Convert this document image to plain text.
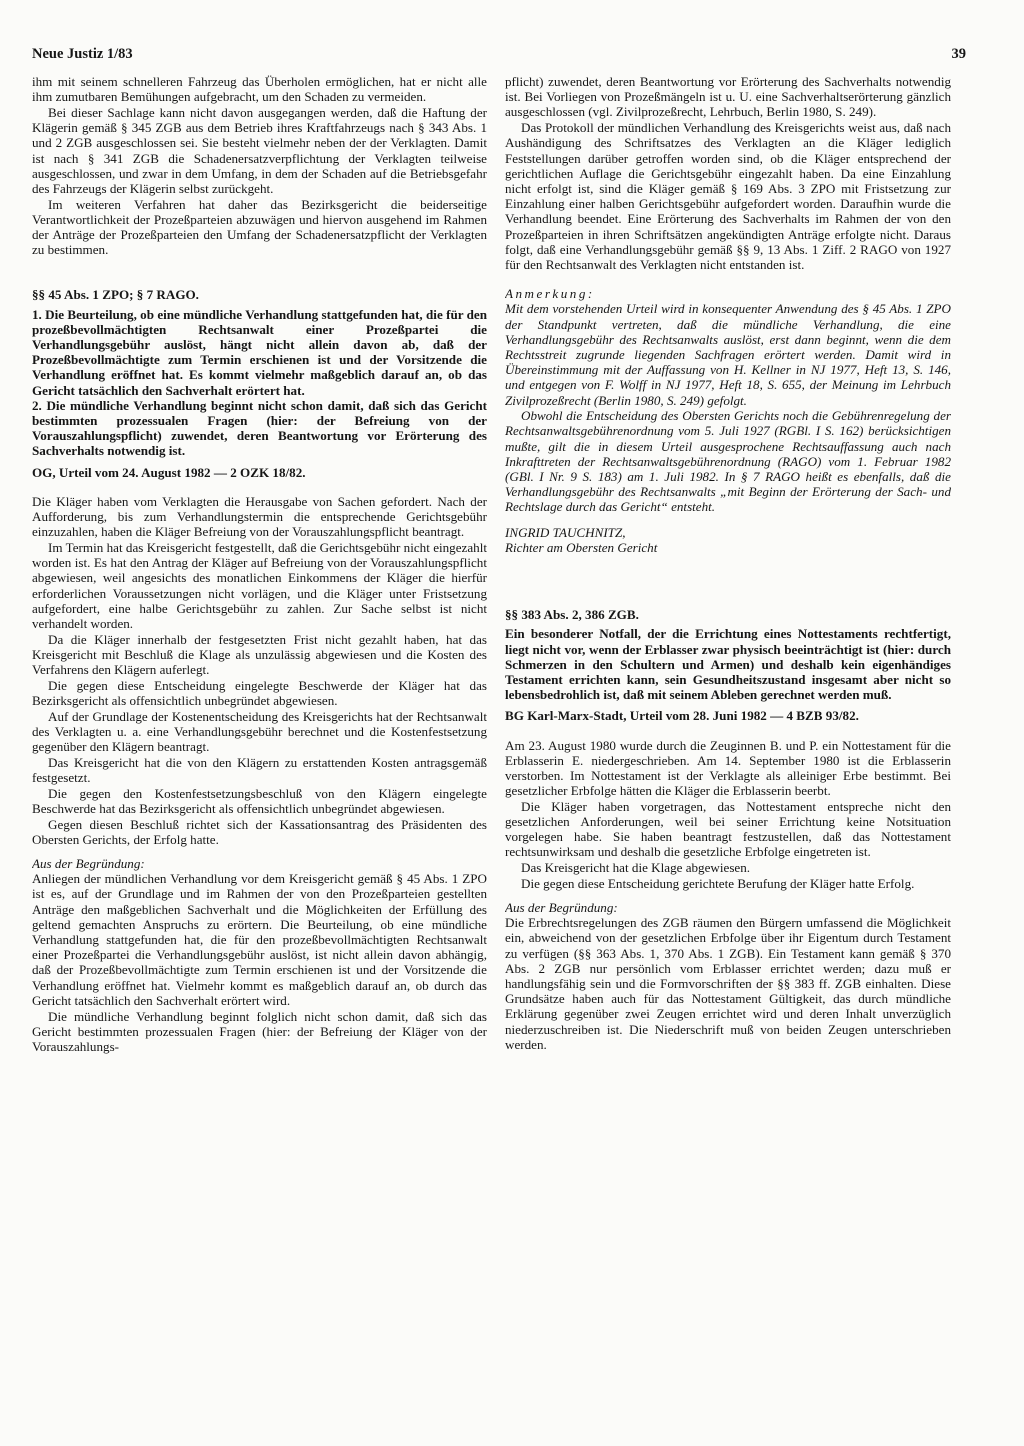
Neue Justiz 1/83	39

ihm mit seinem schnelleren Fahrzeug das Überholen ermöglichen, hat er nicht alle ihm zumutbaren Bemühungen aufgebracht, um den Schaden zu vermeiden.

Bei dieser Sachlage kann nicht davon ausgegangen werden, daß die Haftung der Klägerin gemäß § 345 ZGB aus dem Betrieb ihres Kraftfahrzeugs nach § 343 Abs. 1 und 2 ZGB ausgeschlossen sei. Sie besteht vielmehr neben der der Verklagten. Damit ist nach § 341 ZGB die Schadenersatzverpflichtung der Verklagten teilweise ausgeschlossen, und zwar in dem Umfang, in dem der Schaden auf die Betriebsgefahr des Fahrzeugs der Klägerin selbst zurückgeht.

Im weiteren Verfahren hat daher das Bezirksgericht die beiderseitige Verantwortlichkeit der Prozeßparteien abzuwägen und hiervon ausgehend im Rahmen der Anträge der Prozeßparteien den Umfang der Schadenersatzpflicht der Verklagten zu bestimmen.

§§ 45 Abs. 1 ZPO; § 7 RAGO.

1. Die Beurteilung, ob eine mündliche Verhandlung stattgefunden hat, die für den prozeßbevollmächtigten Rechtsanwalt einer Prozeßpartei die Verhandlungsgebühr auslöst, hängt nicht allein davon ab, daß der Prozeßbevollmächtigte zum Termin erschienen ist und der Vorsitzende die Verhandlung eröffnet hat. Es kommt vielmehr maßgeblich darauf an, ob das Gericht tatsächlich den Sachverhalt erörtert hat.

2. Die mündliche Verhandlung beginnt nicht schon damit, daß sich das Gericht bestimmten prozessualen Fragen (hier: der Befreiung von der Vorauszahlungspflicht) zuwendet, deren Beantwortung vor Erörterung des Sachverhalts notwendig ist.

OG, Urteil vom 24. August 1982 — 2 OZK 18/82.

Die Kläger haben vom Verklagten die Herausgabe von Sachen gefordert. Nach der Aufforderung, bis zum Verhandlungstermin die entsprechende Gerichtsgebühr einzuzahlen, haben die Kläger Befreiung von der Vorauszahlungspflicht beantragt.

Im Termin hat das Kreisgericht festgestellt, daß die Gerichtsgebühr nicht eingezahlt worden ist. Es hat den Antrag der Kläger auf Befreiung von der Vorauszahlungspflicht abgewiesen, weil angesichts des monatlichen Einkommens der Kläger die hierfür erforderlichen Voraussetzungen nicht vorlägen, und die Kläger unter Fristsetzung aufgefordert, eine halbe Gerichtsgebühr zu zahlen. Zur Sache selbst ist nicht verhandelt worden.

Da die Kläger innerhalb der festgesetzten Frist nicht gezahlt haben, hat das Kreisgericht mit Beschluß die Klage als unzulässig abgewiesen und die Kosten des Verfahrens den Klägern auferlegt.

Die gegen diese Entscheidung eingelegte Beschwerde der Kläger hat das Bezirksgericht als offensichtlich unbegründet abgewiesen.

Auf der Grundlage der Kostenentscheidung des Kreisgerichts hat der Rechtsanwalt des Verklagten u. a. eine Verhandlungsgebühr berechnet und die Kostenfestsetzung gegenüber den Klägern beantragt.

Das Kreisgericht hat die von den Klägern zu erstattenden Kosten antragsgemäß festgesetzt.

Die gegen den Kostenfestsetzungsbeschluß von den Klägern eingelegte Beschwerde hat das Bezirksgericht als offensichtlich unbegründet abgewiesen.

Gegen diesen Beschluß richtet sich der Kassationsantrag des Präsidenten des Obersten Gerichts, der Erfolg hatte.

Aus der Begründung:

Anliegen der mündlichen Verhandlung vor dem Kreisgericht gemäß § 45 Abs. 1 ZPO ist es, auf der Grundlage und im Rahmen der von den Prozeßparteien gestellten Anträge den maßgeblichen Sachverhalt und die Möglichkeiten der Erfüllung des geltend gemachten Anspruchs zu erörtern. Die Beurteilung, ob eine mündliche Verhandlung stattgefunden hat, die für den prozeßbevollmächtigten Rechtsanwalt einer Prozeßpartei die Verhandlungsgebühr auslöst, ist nicht allein davon abhängig, daß der Prozeßbevollmächtigte zum Termin erschienen ist und der Vorsitzende die Verhandlung eröffnet hat. Vielmehr kommt es maßgeblich darauf an, ob durch das Gericht tatsächlich den Sachverhalt erörtert wird.

Die mündliche Verhandlung beginnt folglich nicht schon damit, daß sich das Gericht bestimmten prozessualen Fragen (hier: der Befreiung der Kläger von der Vorauszahlungs-

pflicht) zuwendet, deren Beantwortung vor Erörterung des Sachverhalts notwendig ist. Bei Vorliegen von Prozeßmängeln ist u. U. eine Sachverhaltserörterung gänzlich ausgeschlossen (vgl. Zivilprozeßrecht, Lehrbuch, Berlin 1980, S. 249).

Das Protokoll der mündlichen Verhandlung des Kreisgerichts weist aus, daß nach Aushändigung des Schriftsatzes des Verklagten an die Kläger lediglich Feststellungen darüber getroffen worden sind, ob die Kläger entsprechend der gerichtlichen Auflage die Gerichtsgebühr eingezahlt haben. Da eine Einzahlung nicht erfolgt ist, sind die Kläger gemäß § 169 Abs. 3 ZPO mit Fristsetzung zur Einzahlung einer halben Gerichtsgebühr aufgefordert worden. Daraufhin wurde die Verhandlung beendet. Eine Erörterung des Sachverhalts im Rahmen der von den Prozeßparteien in ihren Schriftsätzen angekündigten Anträge erfolgte nicht. Daraus folgt, daß eine Verhandlungsgebühr gemäß §§ 9, 13 Abs. 1 Ziff. 2 RAGO von 1927 für den Rechtsanwalt des Verklagten nicht entstanden ist.

Anmerkung:

Mit dem vorstehenden Urteil wird in konsequenter Anwendung des § 45 Abs. 1 ZPO der Standpunkt vertreten, daß die mündliche Verhandlung, die eine Verhandlungsgebühr des Rechtsanwalts auslöst, erst dann beginnt, wenn die dem Rechtsstreit zugrunde liegenden Sachfragen erörtert werden. Damit wird in Übereinstimmung mit der Auffassung von H. Kellner in NJ 1977, Heft 13, S. 146, und entgegen von F. Wolff in NJ 1977, Heft 18, S. 655, der Meinung im Lehrbuch Zivilprozeßrecht (Berlin 1980, S. 249) gefolgt.

Obwohl die Entscheidung des Obersten Gerichts noch die Gebührenregelung der Rechtsanwaltsgebührenordnung vom 5. Juli 1927 (RGBl. I S. 162) berücksichtigen mußte, gilt die in diesem Urteil ausgesprochene Rechtsauffassung auch nach Inkrafttreten der Rechtsanwaltsgebührenordnung (RAGO) vom 1. Februar 1982 (GBl. I Nr. 9 S. 183) am 1. Juli 1982. In § 7 RAGO heißt es ebenfalls, daß die Verhandlungsgebühr des Rechtsanwalts „mit Beginn der Erörterung der Sach- und Rechtslage durch das Gericht“ entsteht.

INGRID TAUCHNITZ,

Richter am Obersten Gericht

§§ 383 Abs. 2, 386 ZGB.

Ein besonderer Notfall, der die Errichtung eines Nottestaments rechtfertigt, liegt nicht vor, wenn der Erblasser zwar physisch beeinträchtigt ist (hier: durch Schmerzen in den Schultern und Armen) und deshalb kein eigenhändiges Testament errichten kann, sein Gesundheitszustand insgesamt aber nicht so lebensbedrohlich ist, daß mit seinem Ableben gerechnet werden muß.

BG Karl-Marx-Stadt, Urteil vom 28. Juni 1982 — 4 BZB 93/82.

Am 23. August 1980 wurde durch die Zeuginnen B. und P. ein Nottestament für die Erblasserin E. niedergeschrieben. Am 14. September 1980 ist die Erblasserin verstorben. Im Nottestament ist der Verklagte als alleiniger Erbe bestimmt. Bei gesetzlicher Erbfolge hätten die Kläger die Erblasserin beerbt.

Die Kläger haben vorgetragen, das Nottestament entspreche nicht den gesetzlichen Anforderungen, weil bei seiner Errichtung keine Notsituation vorgelegen habe. Sie haben beantragt festzustellen, daß das Nottestament rechtsunwirksam und deshalb die gesetzliche Erbfolge eingetreten ist.

Das Kreisgericht hat die Klage abgewiesen.

Die gegen diese Entscheidung gerichtete Berufung der Kläger hatte Erfolg.

Aus der Begründung:

Die Erbrechtsregelungen des ZGB räumen den Bürgern umfassend die Möglichkeit ein, abweichend von der gesetzlichen Erbfolge über ihr Eigentum durch Testament zu verfügen (§§ 363 Abs. 1, 370 Abs. 1 ZGB). Ein Testament kann gemäß § 370 Abs. 2 ZGB nur persönlich vom Erblasser errichtet werden; dazu muß er handlungsfähig sein und die Formvorschriften der §§ 383 ff. ZGB einhalten. Diese Grundsätze haben auch für das Nottestament Gültigkeit, das durch mündliche Erklärung gegenüber zwei Zeugen errichtet wird und deren Inhalt unverzüglich niederzuschreiben ist. Die Niederschrift muß von beiden Zeugen unterschrieben werden.
